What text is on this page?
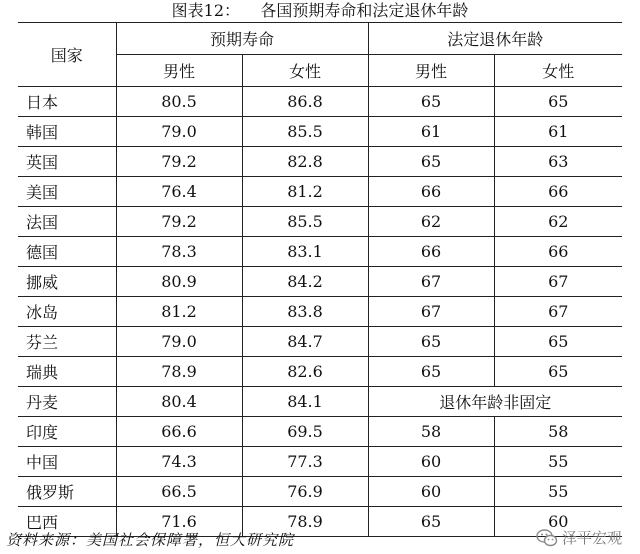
图表12：    各国预期寿命和法定退休年龄
国家	预期寿命		法定退休年龄	
	男性	女性	男性	女性
日本	80.5	86.8	65	65
韩国	79.0	85.5	61	61
英国	79.2	82.8	65	63
美国	76.4	81.2	66	66
法国	79.2	85.5	62	62
德国	78.3	83.1	66	66
挪威	80.9	84.2	67	67
冰岛	81.2	83.8	67	67
芬兰	79.0	84.7	65	65
瑞典	78.9	82.6	65	65
丹麦	80.4	84.1	退休年龄非固定	
印度	66.6	69.5	58	58
中国	74.3	77.3	60	55
俄罗斯	66.5	76.9	60	55
巴西	71.6	78.9	65	60
资料来源：美国社会保障署，恒大研究院	泽平宏观
